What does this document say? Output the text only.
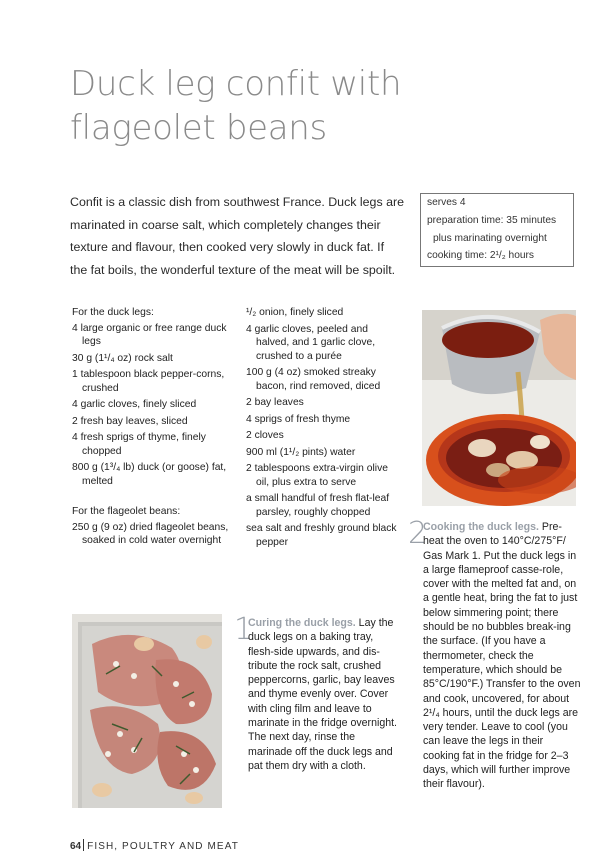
Duck leg confit with
flageolet beans
Confit is a classic dish from southwest France. Duck legs are
marinated in coarse salt, which completely changes their
texture and flavour, then cooked very slowly in duck fat. If
the fat boils, the wonderful texture of the meat will be spoilt.
serves 4
preparation time: 35 minutes
plus marinating overnight
cooking time: 2¹/₂ hours
For the duck legs:
4 large organic or free range duck legs
30 g (1¹/₄ oz) rock salt
1 tablespoon black pepper-corns, crushed
4 garlic cloves, finely sliced
2 fresh bay leaves, sliced
4 fresh sprigs of thyme, finely chopped
800 g (1³/₄ lb) duck (or goose) fat, melted
For the flageolet beans:
250 g (9 oz) dried flageolet beans, soaked in cold water overnight
¹/₂ onion, finely sliced
4 garlic cloves, peeled and halved, and 1 garlic clove, crushed to a purée
100 g (4 oz) smoked streaky bacon, rind removed, diced
2 bay leaves
4 sprigs of fresh thyme
2 cloves
900 ml (1¹/₂ pints) water
2 tablespoons extra-virgin olive oil, plus extra to serve
a small handful of fresh flat-leaf parsley, roughly chopped
sea salt and freshly ground black pepper	2
Cooking the duck legs. Pre-heat the oven to 140°C/275°F/ Gas Mark 1. Put the duck legs in a large flameproof casse-role, cover with the melted fat and, on a gentle heat, bring the fat to just below simmering point; there should be no bubbles break-ing the surface. (If you have a thermometer, check the temperature, which should be 85°C/190°F.) Transfer to the oven and cook, uncovered, for about 2¹/₄ hours, until the duck legs are very tender. Leave to cool (you can leave the legs in their cooking fat in the fridge for 2–3 days, which will further improve their flavour).
1
Curing the duck legs. Lay the duck legs on a baking tray, flesh-side upwards, and dis-tribute the rock salt, crushed peppercorns, garlic, bay leaves and thyme evenly over. Cover with cling film and leave to marinate in the fridge overnight. The next day, rinse the marinade off the duck legs and pat them dry with a cloth.
64 FISH, POULTRY AND MEAT
